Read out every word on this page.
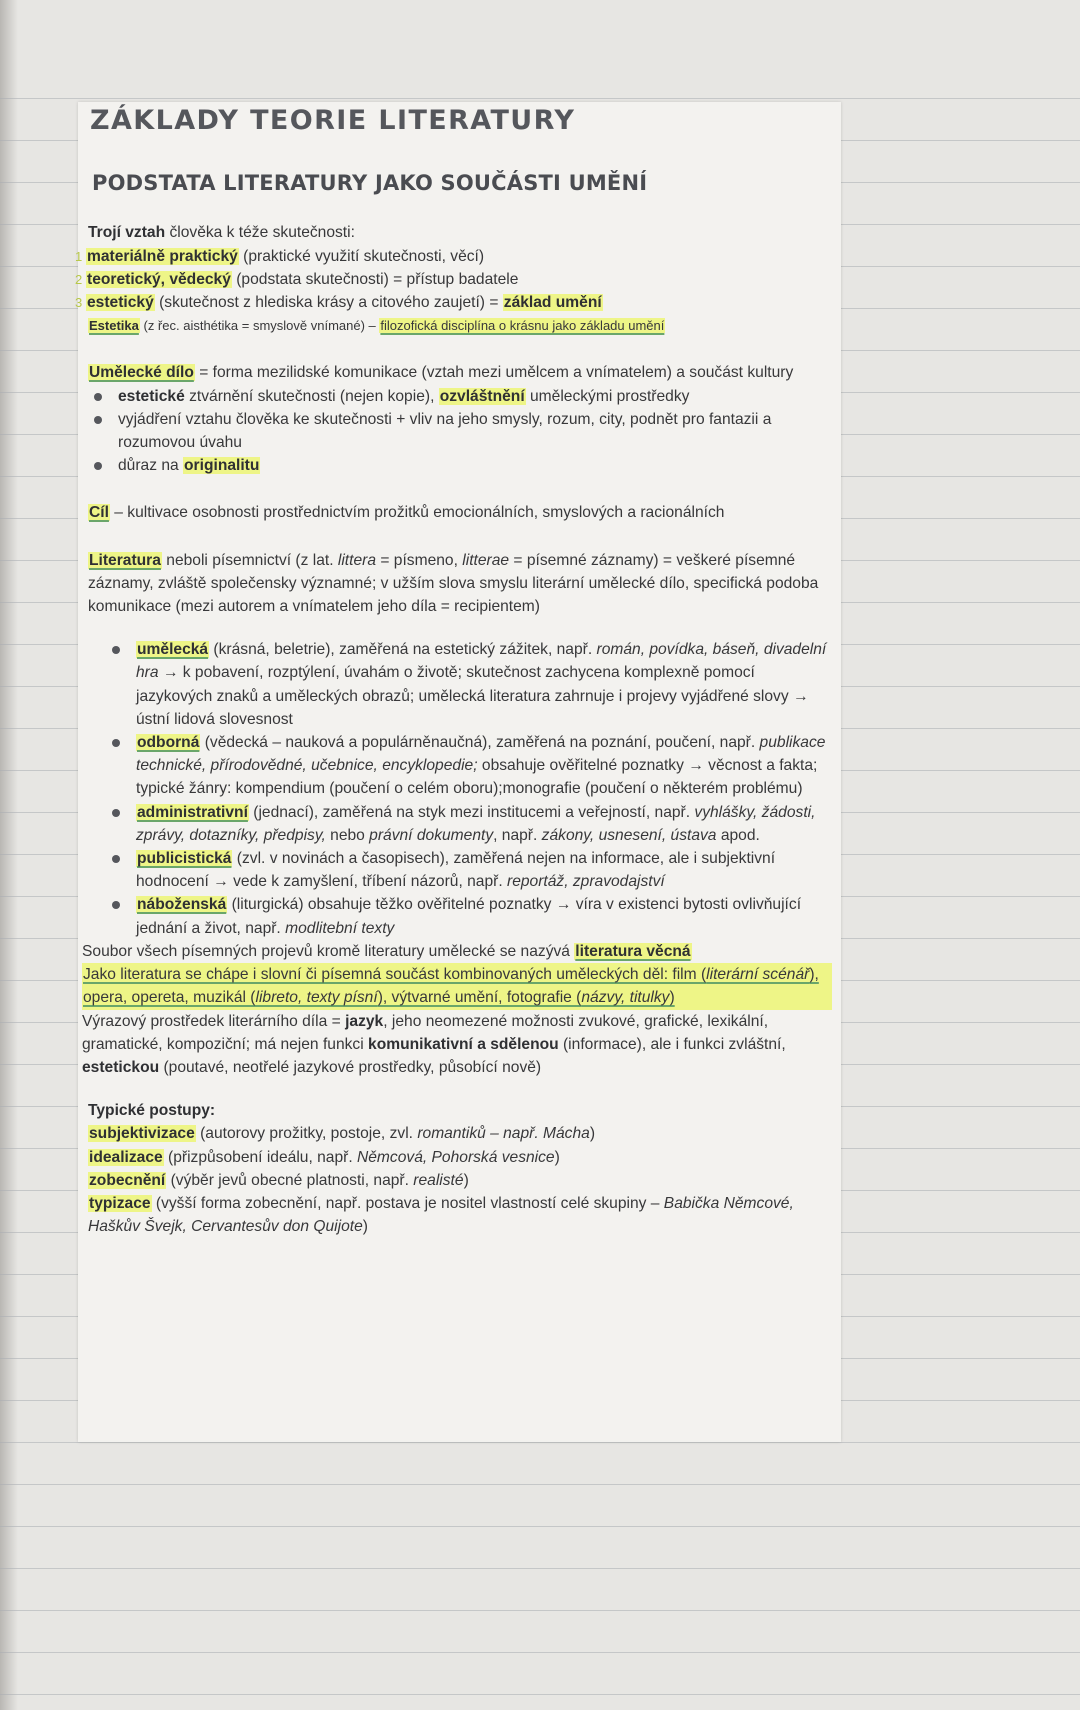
ZÁKLADY TEORIE LITERATURY
PODSTATA LITERATURY JAKO SOUČÁSTI UMĚNÍ

Trojí vztah člověka k téže skutečnosti:

1 materiálně praktický (praktické využití skutečnosti, věcí)

2 teoretický, vědecký (podstata skutečnosti) = přístup badatele

3 estetický (skutečnost z hlediska krásy a citového zaujetí) = základ umění

Estetika (z řec. aisthétika = smyslově vnímané) – filozofická disciplína o krásnu jako základu umění

Umělecké dílo = forma mezilidské komunikace (vztah mezi umělcem a vnímatelem) a součást kultury

estetické ztvárnění skutečnosti (nejen kopie), ozvláštnění uměleckými prostředky
vyjádření vztahu člověka ke skutečnosti + vliv na jeho smysly, rozum, city, podnět pro fantazii a rozumovou úvahu
důraz na originalitu

Cíl – kultivace osobnosti prostřednictvím prožitků emocionálních, smyslových a racionálních

Literatura neboli písemnictví (z lat. littera = písmeno, litterae = písemné záznamy) = veškeré písemné záznamy, zvláště společensky významné; v užším slova smyslu literární umělecké dílo, specifická podoba komunikace (mezi autorem a vnímatelem jeho díla = recipientem)

umělecká (krásná, beletrie), zaměřená na estetický zážitek, např. román, povídka, báseň, divadelní hra → k pobavení, rozptýlení, úvahám o životě; skutečnost zachycena komplexně pomocí jazykových znaků a uměleckých obrazů; umělecká literatura zahrnuje i projevy vyjádřené slovy → ústní lidová slovesnost
odborná (vědecká – nauková a populárněnaučná), zaměřená na poznání, poučení, např. publikace technické, přírodovědné, učebnice, encyklopedie; obsahuje ověřitelné poznatky → věcnost a fakta; typické žánry: kompendium (poučení o celém oboru);monografie (poučení o některém problému)
administrativní (jednací), zaměřená na styk mezi institucemi a veřejností, např. vyhlášky, žádosti, zprávy, dotazníky, předpisy, nebo právní dokumenty, např. zákony, usnesení, ústava apod.
publicistická (zvl. v novinách a časopisech), zaměřená nejen na informace, ale i subjektivní hodnocení → vede k zamyšlení, tříbení názorů, např. reportáž, zpravodajství
náboženská (liturgická) obsahuje těžko ověřitelné poznatky → víra v existenci bytosti ovlivňující jednání a život, např. modlitební texty

Soubor všech písemných projevů kromě literatury umělecké se nazývá literatura věcná

Jako literatura se chápe i slovní či písemná součást kombinovaných uměleckých děl: film (literární scénář), opera, opereta, muzikál (libreto, texty písní), výtvarné umění, fotografie (názvy, titulky)

Výrazový prostředek literárního díla = jazyk, jeho neomezené možnosti zvukové, grafické, lexikální, gramatické, kompoziční; má nejen funkci komunikativní a sdělenou (informace), ale i funkci zvláštní, estetickou (poutavé, neotřelé jazykové prostředky, působící nově)

Typické postupy:

subjektivizace (autorovy prožitky, postoje, zvl. romantiků – např. Mácha)

idealizace (přizpůsobení ideálu, např. Němcová, Pohorská vesnice)

zobecnění (výběr jevů obecné platnosti, např. realisté)

typizace (vyšší forma zobecnění, např. postava je nositel vlastností celé skupiny – Babička Němcové, Haškův Švejk, Cervantesův don Quijote)
